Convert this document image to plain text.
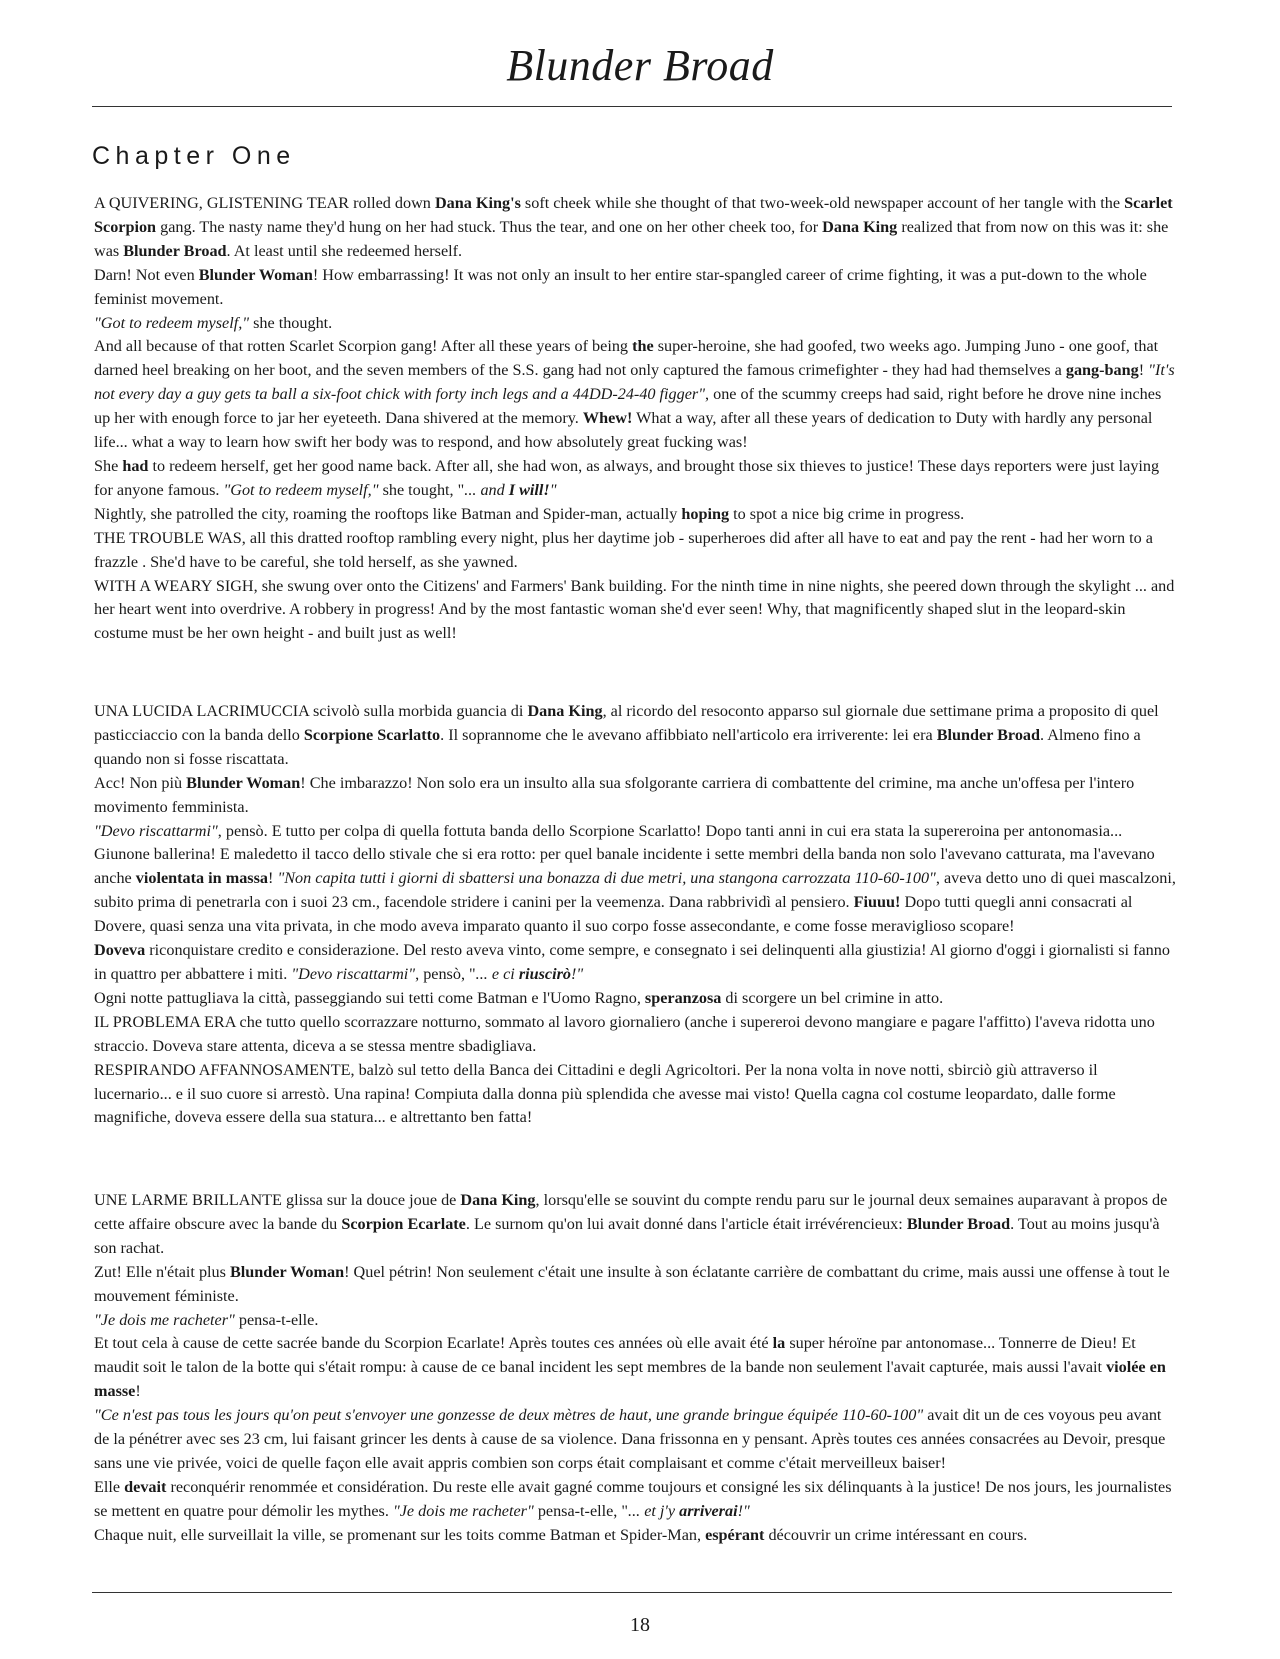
Blunder Broad
Chapter One

A QUIVERING, GLISTENING TEAR rolled down Dana King's soft cheek while she thought of that two-week-old newspaper account of her tangle with the Scarlet Scorpion gang. The nasty name they'd hung on her had stuck. Thus the tear, and one on her other cheek too, for Dana King realized that from now on this was it: she was Blunder Broad. At least until she redeemed herself.

Darn! Not even Blunder Woman! How embarrassing! It was not only an insult to her entire star-spangled career of crime fighting, it was a put-down to the whole feminist movement.

"Got to redeem myself," she thought.

And all because of that rotten Scarlet Scorpion gang! After all these years of being the super-heroine, she had goofed, two weeks ago. Jumping Juno - one goof, that darned heel breaking on her boot, and the seven members of the S.S. gang had not only captured the famous crimefighter - they had had themselves a gang-bang! "It's not every day a guy gets ta ball a six-foot chick with forty inch legs and a 44DD-24-40 figger", one of the scummy creeps had said, right before he drove nine inches up her with enough force to jar her eyeteeth. Dana shivered at the memory. Whew! What a way, after all these years of dedication to Duty with hardly any personal life... what a way to learn how swift her body was to respond, and how absolutely great fucking was!

She had to redeem herself, get her good name back. After all, she had won, as always, and brought those six thieves to justice! These days reporters were just laying for anyone famous. "Got to redeem myself," she tought, "... and I will!"

Nightly, she patrolled the city, roaming the rooftops like Batman and Spider-man, actually hoping to spot a nice big crime in progress.

THE TROUBLE WAS, all this dratted rooftop rambling every night, plus her daytime job - superheroes did after all have to eat and pay the rent - had her worn to a frazzle . She'd have to be careful, she told herself, as she yawned.

WITH A WEARY SIGH, she swung over onto the Citizens' and Farmers' Bank building. For the ninth time in nine nights, she peered down through the skylight ... and her heart went into overdrive. A robbery in progress! And by the most fantastic woman she'd ever seen! Why, that magnificently shaped slut in the leopard-skin costume must be her own height - and built just as well!

UNA LUCIDA LACRIMUCCIA scivolò sulla morbida guancia di Dana King, al ricordo del resoconto apparso sul giornale due settimane prima a proposito di quel pasticciaccio con la banda dello Scorpione Scarlatto. Il soprannome che le avevano affibbiato nell'articolo era irriverente: lei era Blunder Broad. Almeno fino a quando non si fosse riscattata.

Acc! Non più Blunder Woman! Che imbarazzo! Non solo era un insulto alla sua sfolgorante carriera di combattente del crimine, ma anche un'offesa per l'intero movimento femminista.

"Devo riscattarmi", pensò. E tutto per colpa di quella fottuta banda dello Scorpione Scarlatto! Dopo tanti anni in cui era stata la supereroina per antonomasia... Giunone ballerina! E maledetto il tacco dello stivale che si era rotto: per quel banale incidente i sette membri della banda non solo l'avevano catturata, ma l'avevano anche violentata in massa! "Non capita tutti i giorni di sbattersi una bonazza di due metri, una stangona carrozzata 110-60-100", aveva detto uno di quei mascalzoni, subito prima di penetrarla con i suoi 23 cm., facendole stridere i canini per la veemenza. Dana rabbrividì al pensiero. Fiuuu! Dopo tutti quegli anni consacrati al Dovere, quasi senza una vita privata, in che modo aveva imparato quanto il suo corpo fosse assecondante, e come fosse meraviglioso scopare!

Doveva riconquistare credito e considerazione. Del resto aveva vinto, come sempre, e consegnato i sei delinquenti alla giustizia! Al giorno d'oggi i giornalisti si fanno in quattro per abbattere i miti. "Devo riscattarmi", pensò, "... e ci riuscirò!"

Ogni notte pattugliava la città, passeggiando sui tetti come Batman e l'Uomo Ragno, speranzosa di scorgere un bel crimine in atto.

IL PROBLEMA ERA che tutto quello scorrazzare notturno, sommato al lavoro giornaliero (anche i supereroi devono mangiare e pagare l'affitto) l'aveva ridotta uno straccio. Doveva stare attenta, diceva a se stessa mentre sbadigliava.

RESPIRANDO AFFANNOSAMENTE, balzò sul tetto della Banca dei Cittadini e degli Agricoltori. Per la nona volta in nove notti, sbirciò giù attraverso il lucernario... e il suo cuore si arrestò. Una rapina! Compiuta dalla donna più splendida che avesse mai visto! Quella cagna col costume leopardato, dalle forme magnifiche, doveva essere della sua statura... e altrettanto ben fatta!

UNE LARME BRILLANTE glissa sur la douce joue de Dana King, lorsqu'elle se souvint du compte rendu paru sur le journal deux semaines auparavant à propos de cette affaire obscure avec la bande du Scorpion Ecarlate. Le surnom qu'on lui avait donné dans l'article était irrévérencieux: Blunder Broad. Tout au moins jusqu'à son rachat.

Zut! Elle n'était plus Blunder Woman! Quel pétrin! Non seulement c'était une insulte à son éclatante carrière de combattant du crime, mais aussi une offense à tout le mouvement féministe.

"Je dois me racheter" pensa-t-elle.

Et tout cela à cause de cette sacrée bande du Scorpion Ecarlate! Après toutes ces années où elle avait été la super héroïne par antonomase... Tonnerre de Dieu! Et maudit soit le talon de la botte qui s'était rompu: à cause de ce banal incident les sept membres de la bande non seulement l'avait capturée, mais aussi l'avait violée en masse!

"Ce n'est pas tous les jours qu'on peut s'envoyer une gonzesse de deux mètres de haut, une grande bringue équipée 110-60-100" avait dit un de ces voyous peu avant de la pénétrer avec ses 23 cm, lui faisant grincer les dents à cause de sa violence. Dana frissonna en y pensant. Après toutes ces années consacrées au Devoir, presque sans une vie privée, voici de quelle façon elle avait appris combien son corps était complaisant et comme c'était merveilleux baiser!

Elle devait reconquérir renommée et considération. Du reste elle avait gagné comme toujours et consigné les six délinquants à la justice! De nos jours, les journalistes se mettent en quatre pour démolir les mythes. "Je dois me racheter" pensa-t-elle, "... et j'y arriverai!"

Chaque nuit, elle surveillait la ville, se promenant sur les toits comme Batman et Spider-Man, espérant découvrir un crime intéressant en cours.

18
